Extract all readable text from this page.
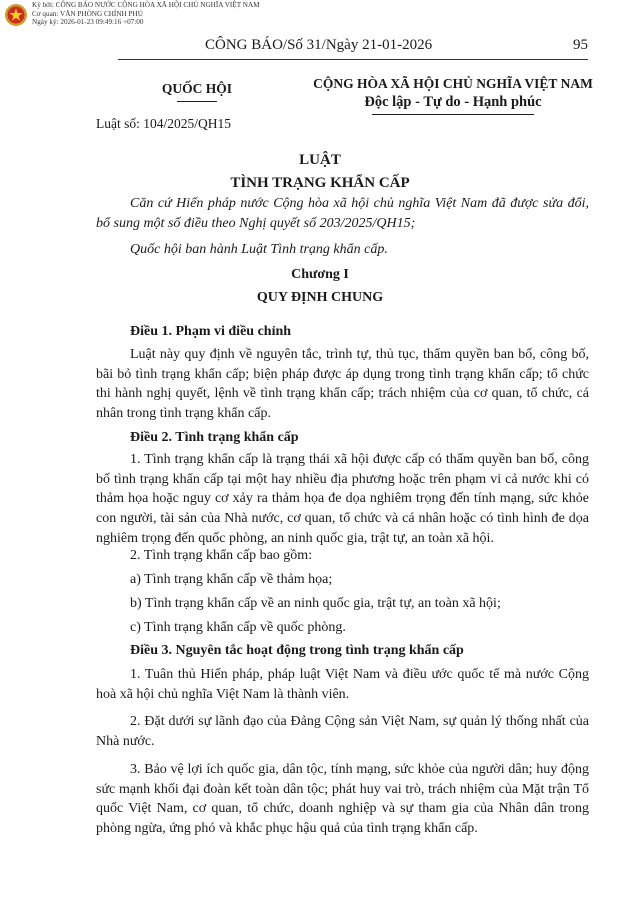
Ký bởi: CÔNG BÁO NƯỚC CỘNG HÒA XÃ HỘI CHỦ NGHĨA VIỆT NAM
Cơ quan: VĂN PHÒNG CHÍNH PHỦ
Ngày ký: 2026-01-23 09:49:16 +07:00
CÔNG BÁO/Số 31/Ngày 21-01-2026	95
QUỐC HỘI
Luật số: 104/2025/QH15
CỘNG HÒA XÃ HỘI CHỦ NGHĨA VIỆT NAM
Độc lập - Tự do - Hạnh phúc
LUẬT
TÌNH TRẠNG KHẨN CẤP

Căn cứ Hiến pháp nước Cộng hòa xã hội chủ nghĩa Việt Nam đã được sửa đổi, bổ sung một số điều theo Nghị quyết số 203/2025/QH15;

Quốc hội ban hành Luật Tình trạng khẩn cấp.

Chương I
QUY ĐỊNH CHUNG

Điều 1. Phạm vi điều chỉnh

Luật này quy định về nguyên tắc, trình tự, thủ tục, thẩm quyền ban bố, công bố, bãi bỏ tình trạng khẩn cấp; biện pháp được áp dụng trong tình trạng khẩn cấp; tổ chức thi hành nghị quyết, lệnh về tình trạng khẩn cấp; trách nhiệm của cơ quan, tổ chức, cá nhân trong tình trạng khẩn cấp.

Điều 2. Tình trạng khẩn cấp

1. Tình trạng khẩn cấp là trạng thái xã hội được cấp có thẩm quyền ban bố, công bố tình trạng khẩn cấp tại một hay nhiều địa phương hoặc trên phạm vi cả nước khi có thảm họa hoặc nguy cơ xảy ra thảm họa đe dọa nghiêm trọng đến tính mạng, sức khỏe con người, tài sản của Nhà nước, cơ quan, tổ chức và cá nhân hoặc có tình hình đe dọa nghiêm trọng đến quốc phòng, an ninh quốc gia, trật tự, an toàn xã hội.

2. Tình trạng khẩn cấp bao gồm:

a) Tình trạng khẩn cấp về thảm họa;

b) Tình trạng khẩn cấp về an ninh quốc gia, trật tự, an toàn xã hội;

c) Tình trạng khẩn cấp về quốc phòng.

Điều 3. Nguyên tắc hoạt động trong tình trạng khẩn cấp

1. Tuân thủ Hiến pháp, pháp luật Việt Nam và điều ước quốc tế mà nước Cộng hoà xã hội chủ nghĩa Việt Nam là thành viên.

2. Đặt dưới sự lãnh đạo của Đảng Cộng sản Việt Nam, sự quản lý thống nhất của Nhà nước.

3. Bảo vệ lợi ích quốc gia, dân tộc, tính mạng, sức khỏe của người dân; huy động sức mạnh khối đại đoàn kết toàn dân tộc; phát huy vai trò, trách nhiệm của Mặt trận Tổ quốc Việt Nam, cơ quan, tổ chức, doanh nghiệp và sự tham gia của Nhân dân trong phòng ngừa, ứng phó và khắc phục hậu quả của tình trạng khẩn cấp.
